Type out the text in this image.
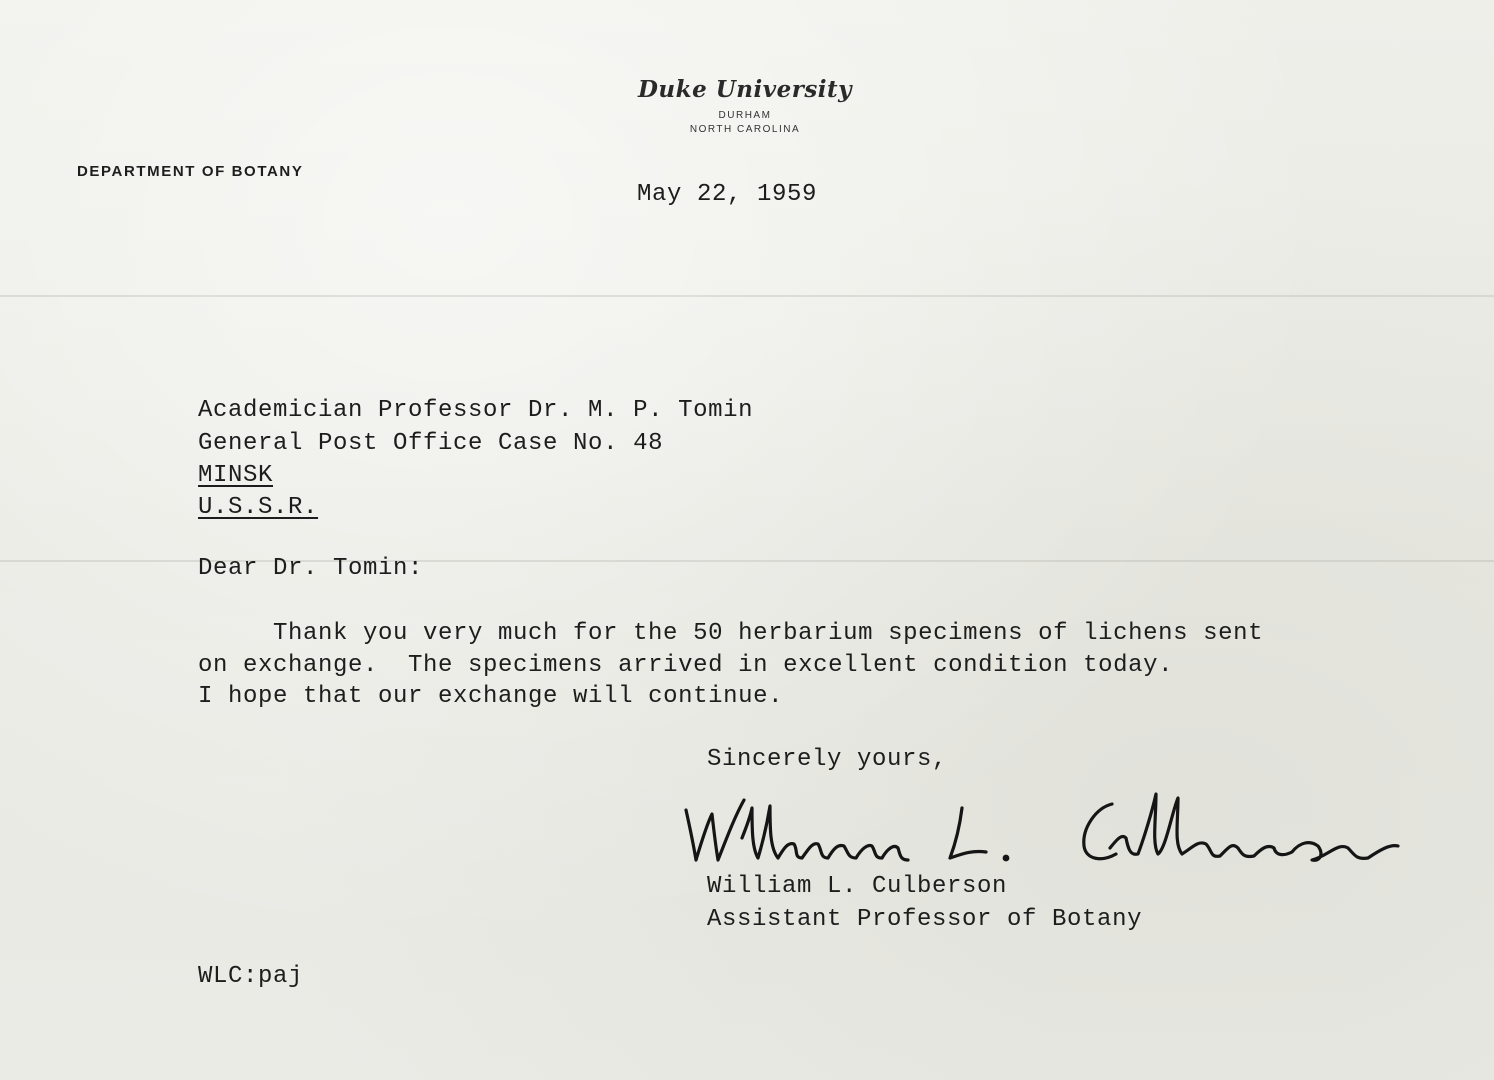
Duke University
DURHAM
NORTH CAROLINA
DEPARTMENT OF BOTANY
May 22, 1959
Academician Professor Dr. M. P. Tomin
General Post Office Case No. 48
MINSK
U.S.S.R.
Dear Dr. Tomin:
Thank you very much for the 50 herbarium specimens of lichens sent
on exchange.  The specimens arrived in excellent condition today.
I hope that our exchange will continue.
Sincerely yours,
William L. Culberson
Assistant Professor of Botany
WLC:paj
